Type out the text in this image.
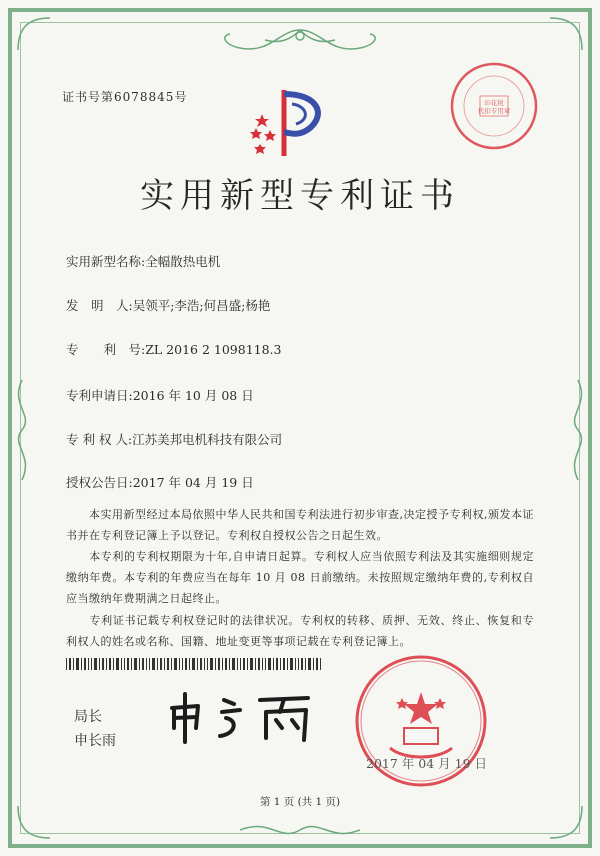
证书号第6078845号	印花税
代扣专用章
实用新型专利证书
实用新型名称:全幅散热电机
发　明　人:吴领平;李浩;何昌盛;杨艳
专　　利　号:ZL 2016 2 1098118.3
专利申请日:2016 年 10 月 08 日
专 利 权 人:江苏美邦电机科技有限公司
授权公告日:2017 年 04 月 19 日
　　本实用新型经过本局依照中华人民共和国专利法进行初步审查,决定授予专利权,颁发本证书并在专利登记簿上予以登记。专利权自授权公告之日起生效。
　　本专利的专利权期限为十年,自申请日起算。专利权人应当依照专利法及其实施细则规定缴纳年费。本专利的年费应当在每年 10 月 08 日前缴纳。未按照规定缴纳年费的,专利权自应当缴纳年费期满之日起终止。
　　专利证书记载专利权登记时的法律状况。专利权的转移、质押、无效、终止、恢复和专利权人的姓名或名称、国籍、地址变更等事项记载在专利登记簿上。
局长
申长雨
2017 年 04 月 19 日
第 1 页 (共 1 页)
